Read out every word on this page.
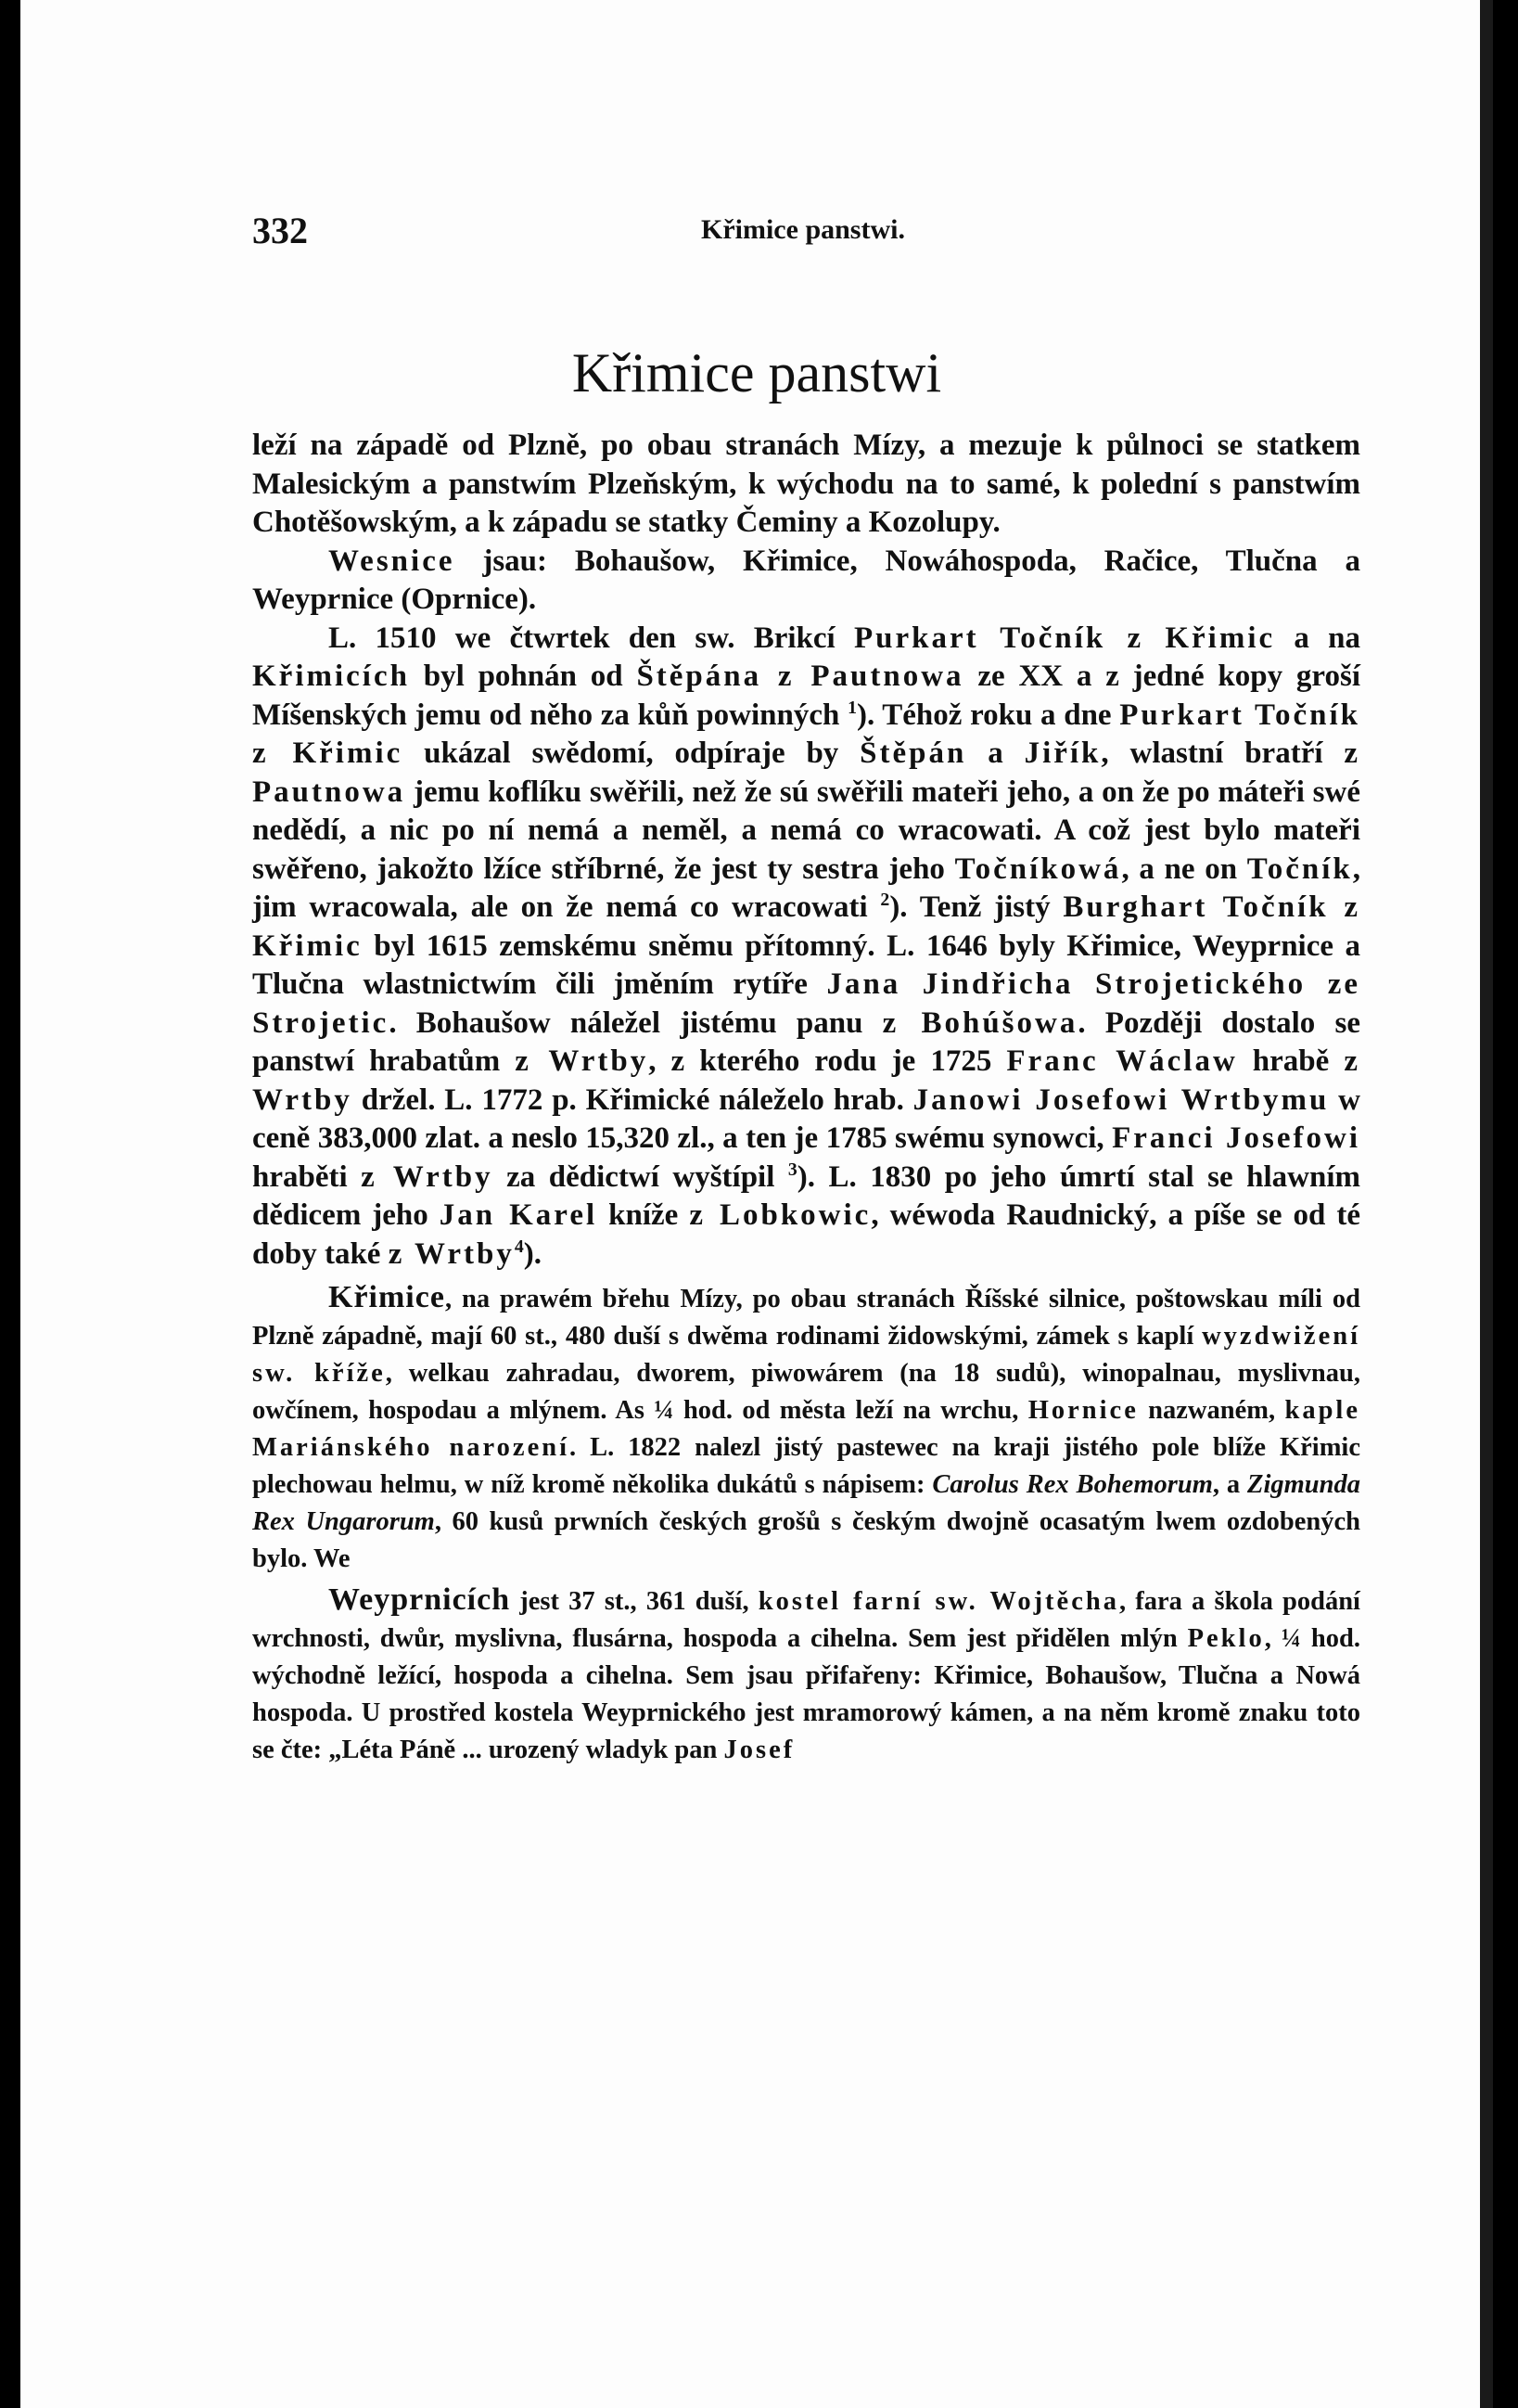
332	Křimice panstwi.
Křimice panstwi

leží na západě od Plzně, po obau stranách Mízy, a mezuje k půlnoci se statkem Malesickým a panstwím Plzeňským, k wýchodu na to samé, k polední s panstwím Chotěšowským, a k západu se statky Čeminy a Kozolupy.

Wesnice jsau: Bohaušow, Křimice, Nowáhospoda, Račice, Tlučna a Weyprnice (Oprnice).

L. 1510 we čtwrtek den sw. Brikcí Purkart Točník z Křimic a na Křimicích byl pohnán od Štěpána z Pautnowa ze XX a z jedné kopy groší Míšenských jemu od něho za kůň powinných $^1$). Téhož roku a dne Purkart Točník z Křimic ukázal swědomí, odpíraje by Štěpán a Jiřík, wlastní bratří z Pautnowa jemu koflíku swěřili, než že sú swěřili mateři jeho, a on že po máteři swé nedědí, a nic po ní nemá a neměl, a nemá co wracowati. A což jest bylo mateři swěřeno, jakožto lžíce stříbrné, že jest ty sestra jeho Točníkowá, a ne on Točník, jim wracowala, ale on že nemá co wracowati $^2$). Tenž jistý Burghart Točník z Křimic byl 1615 zemskému sněmu přítomný. L. 1646 byly Křimice, Weyprnice a Tlučna wlastnictwím čili jměním rytíře Jana Jindřicha Strojetického ze Strojetic. Bohaušow náležel jistému panu z Bohúšowa. Později dostalo se panstwí hrabatům z Wrtby, z kterého rodu je 1725 Franc Wáclaw hrabě z Wrtby držel. L. 1772 p. Křimické náleželo hrab. Janowi Josefowi Wrtbymu w ceně 383,000 zlat. a neslo 15,320 zl., a ten je 1785 swému synowci, Franci Josefowi hraběti z Wrtby za dědictwí wyštípil $^3$). L. 1830 po jeho úmrtí stal se hlawním dědicem jeho Jan Karel kníže z Lobkowic, wéwoda Raudnický, a píše se od té doby také z Wrtby$^4$).

Křimice, na prawém břehu Mízy, po obau stranách Říšské silnice, poštowskau míli od Plzně západně, mají 60 st., 480 duší s dwěma rodinami židowskými, zámek s kaplí wyzdwižení sw. kříže, welkau zahradau, dworem, piwowárem (na 18 sudů), winopalnau, myslivnau, owčínem, hospodau a mlýnem. As ¼ hod. od města leží na wrchu, Hornice nazwaném, kaple Mariánského narození. L. 1822 nalezl jistý pastewec na kraji jistého pole blíže Křimic plechowau helmu, w níž kromě několika dukátů s nápisem: Carolus Rex Bohemorum, a Zigmunda Rex Ungarorum, 60 kusů prwních českých grošů s českým dwojně ocasatým lwem ozdobených bylo. We

Weyprnicích jest 37 st., 361 duší, kostel farní sw. Wojtěcha, fara a škola podání wrchnosti, dwůr, myslivna, flusárna, hospoda a cihelna. Sem jest přidělen mlýn Peklo, ¼ hod. wýchodně ležící, hospoda a cihelna. Sem jsau přifařeny: Křimice, Bohaušow, Tlučna a Nowá hospoda. U prostřed kostela Weyprnického jest mramorowý kámen, a na něm kromě znaku toto se čte: „Léta Páně ... urozený wladyk pan Josef
